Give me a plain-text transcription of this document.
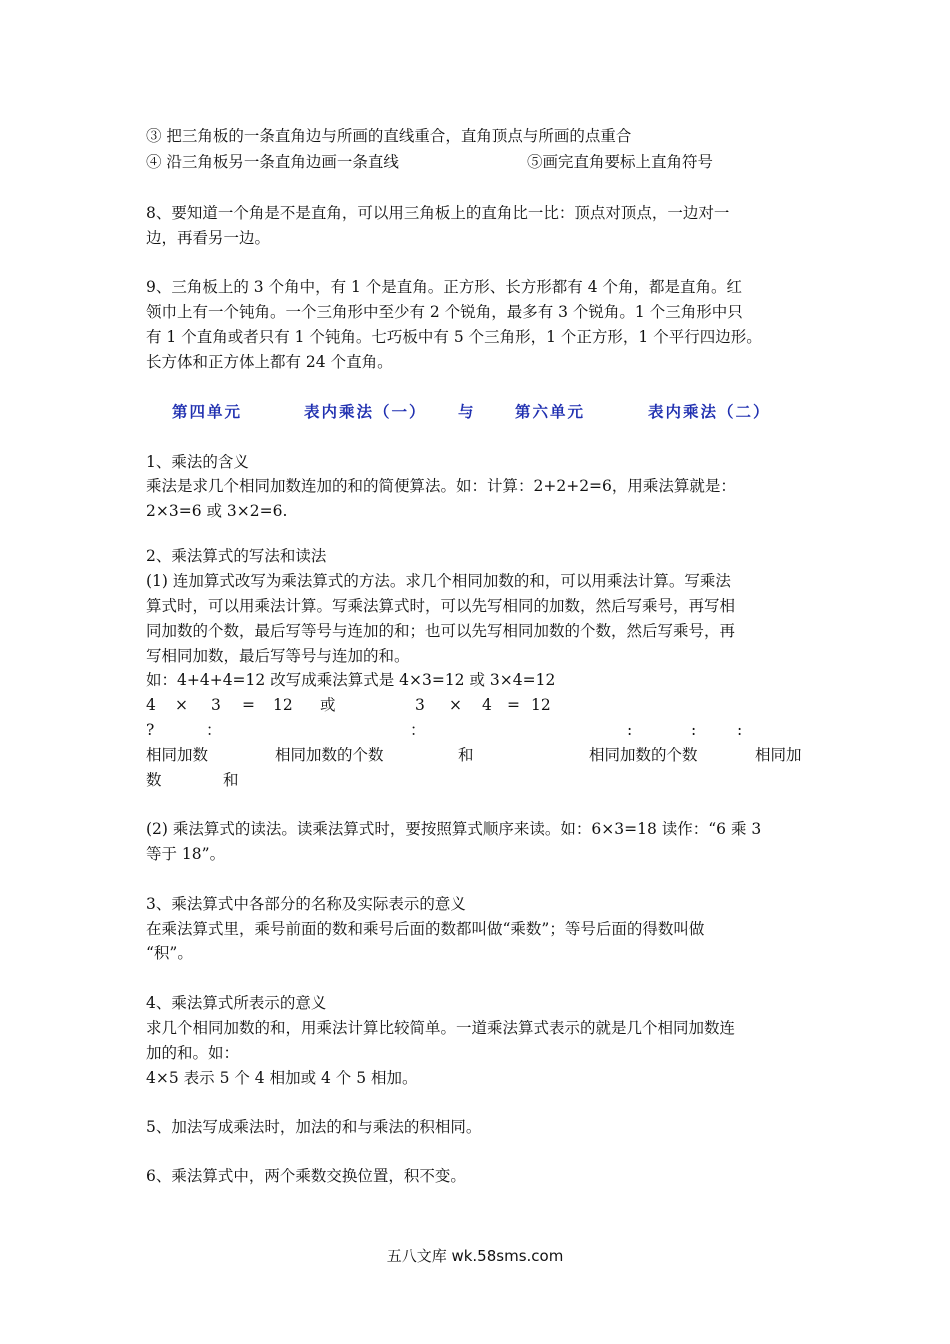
③ 把三角板的一条直角边与所画的直线重合，直角顶点与所画的点重合
④ 沿三角板另一条直角边画一条直线	⑤画完直角要标上直角符号
8、要知道一个角是不是直角，可以用三角板上的直角比一比：顶点对顶点，一边对一
边，再看另一边。
9、三角板上的 3 个角中，有 1 个是直角。正方形、长方形都有 4 个角，都是直角。红
领巾上有一个钝角。一个三角形中至少有 2 个锐角，最多有 3 个锐角。1 个三角形中只
有 1 个直角或者只有 1 个钝角。七巧板中有 5 个三角形，1 个正方形，1 个平行四边形。
长方体和正方体上都有 24 个直角。
第四单元	表内乘法（一） 与	第六单元	表内乘法（二）
1、乘法的含义
乘法是求几个相同加数连加的和的简便算法。如：计算：2+2+2=6，用乘法算就是：
2×3=6 或 3×2=6.
2、乘法算式的写法和读法
(1) 连加算式改写为乘法算式的方法。求几个相同加数的和，可以用乘法计算。写乘法
算式时，可以用乘法计算。写乘法算式时，可以先写相同的加数，然后写乘号，再写相
同加数的个数，最后写等号与连加的和；也可以先写相同加数的个数，然后写乘号，再
写相同加数，最后写等号与连加的和。
如：4+4+4=12 改写成乘法算式是 4×3=12 或 3×4=12
4 × 3 = 12 或	3 × 4 = 12
?	：	：	:	:	:
相同加数	相同加数的个数	和	相同加数的个数	相同加
数	和
(2) 乘法算式的读法。读乘法算式时，要按照算式顺序来读。如：6×3=18 读作：“6 乘 3
等于 18”。
3、乘法算式中各部分的名称及实际表示的意义
在乘法算式里，乘号前面的数和乘号后面的数都叫做“乘数”；等号后面的得数叫做
“积”。
4、乘法算式所表示的意义
求几个相同加数的和，用乘法计算比较简单。一道乘法算式表示的就是几个相同加数连
加的和。如：
4×5 表示 5 个 4 相加或 4 个 5 相加。
5、加法写成乘法时，加法的和与乘法的积相同。
6、乘法算式中，两个乘数交换位置，积不变。
五八文库 wk.58sms.com
